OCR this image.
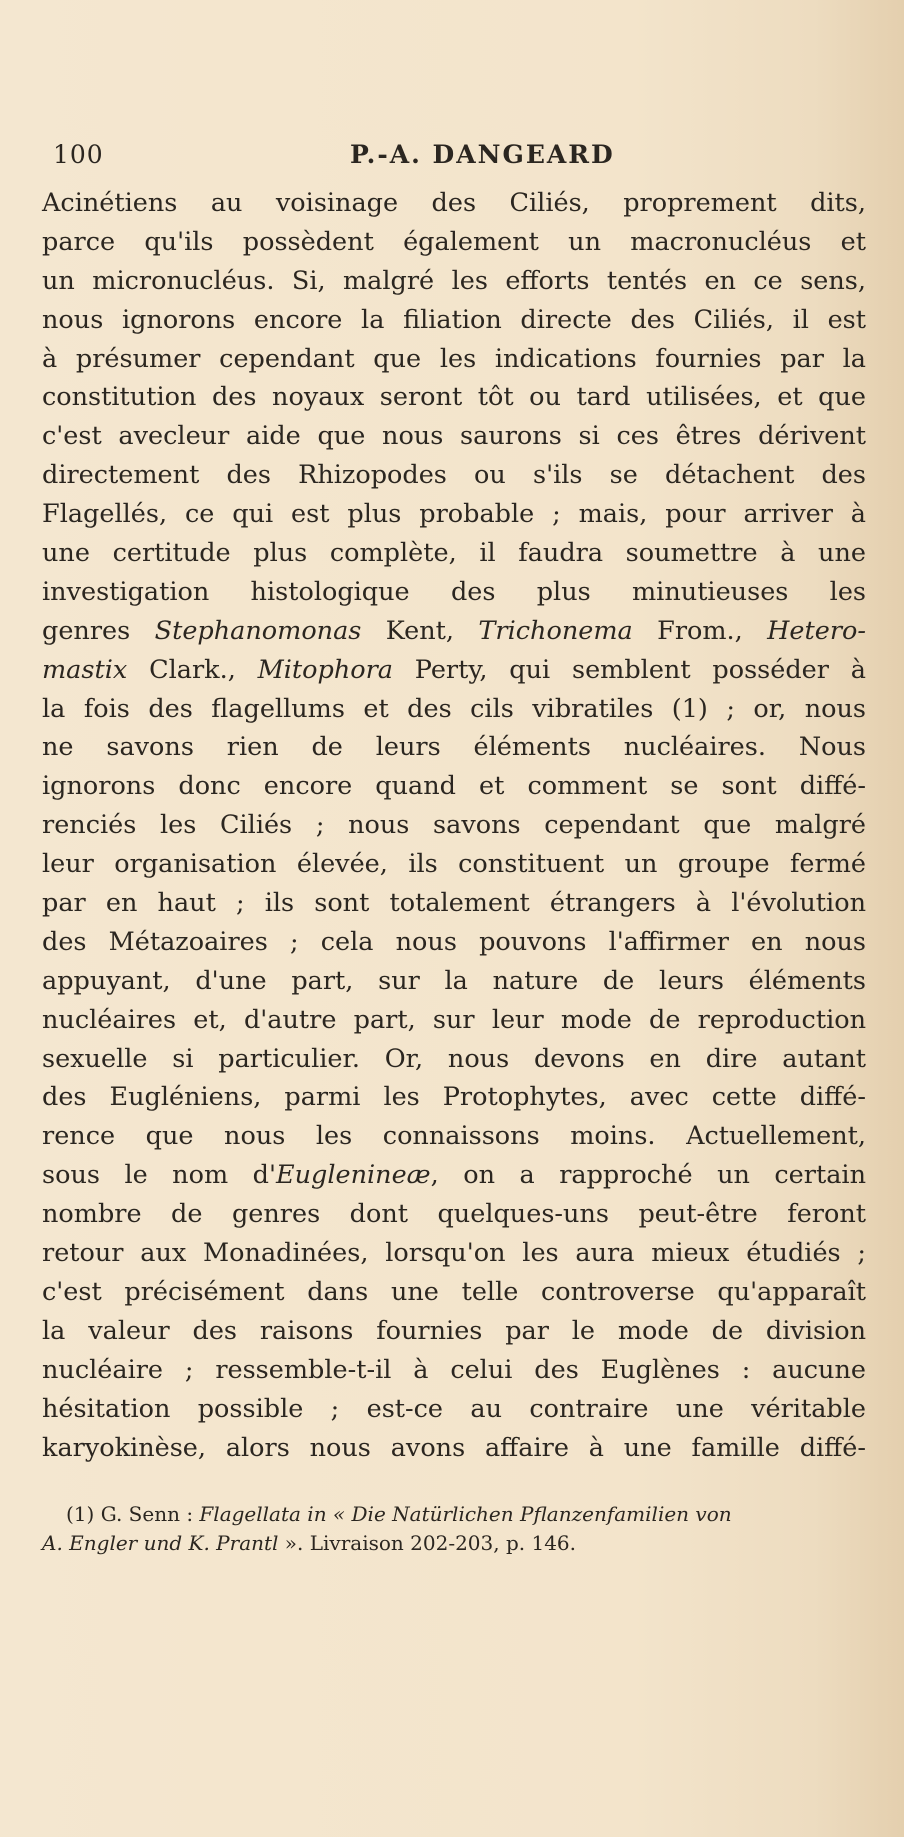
100	P.-A. DANGEARD
Acinétiens au voisinage des Ciliés, proprement dits,
parce qu'ils possèdent également un macronucléus et
un micronucléus. Si, malgré les efforts tentés en ce sens,
nous ignorons encore la filiation directe des Ciliés, il est
à présumer cependant que les indications fournies par la
constitution des noyaux seront tôt ou tard utilisées, et que
c'est avecleur aide que nous saurons si ces êtres dérivent
directement des Rhizopodes ou s'ils se détachent des
Flagellés, ce qui est plus probable ; mais, pour arriver à
une certitude plus complète, il faudra soumettre à une
investigation histologique des plus minutieuses les
genres Stephanomonas Kent, Trichonema From., Hetero-
mastix Clark., Mitophora Perty, qui semblent posséder à
la fois des flagellums et des cils vibratiles (1) ; or, nous
ne savons rien de leurs éléments nucléaires. Nous
ignorons donc encore quand et comment se sont diffé-
renciés les Ciliés ; nous savons cependant que malgré
leur organisation élevée, ils constituent un groupe fermé
par en haut ; ils sont totalement étrangers à l'évolution
des Métazoaires ; cela nous pouvons l'affirmer en nous
appuyant, d'une part, sur la nature de leurs éléments
nucléaires et, d'autre part, sur leur mode de reproduction
sexuelle si particulier. Or, nous devons en dire autant
des Eugléniens, parmi les Protophytes, avec cette diffé-
rence que nous les connaissons moins. Actuellement,
sous le nom d'Euglenineæ, on a rapproché un certain
nombre de genres dont quelques-uns peut-être feront
retour aux Monadinées, lorsqu'on les aura mieux étudiés ;
c'est précisément dans une telle controverse qu'apparaît
la valeur des raisons fournies par le mode de division
nucléaire ; ressemble-t-il à celui des Euglènes : aucune
hésitation possible ; est-ce au contraire une véritable
karyokinèse, alors nous avons affaire à une famille diffé-
(1) G. Senn : Flagellata in « Die Natürlichen Pflanzenfamilien von
A. Engler und K. Prantl ». Livraison 202-203, p. 146.
